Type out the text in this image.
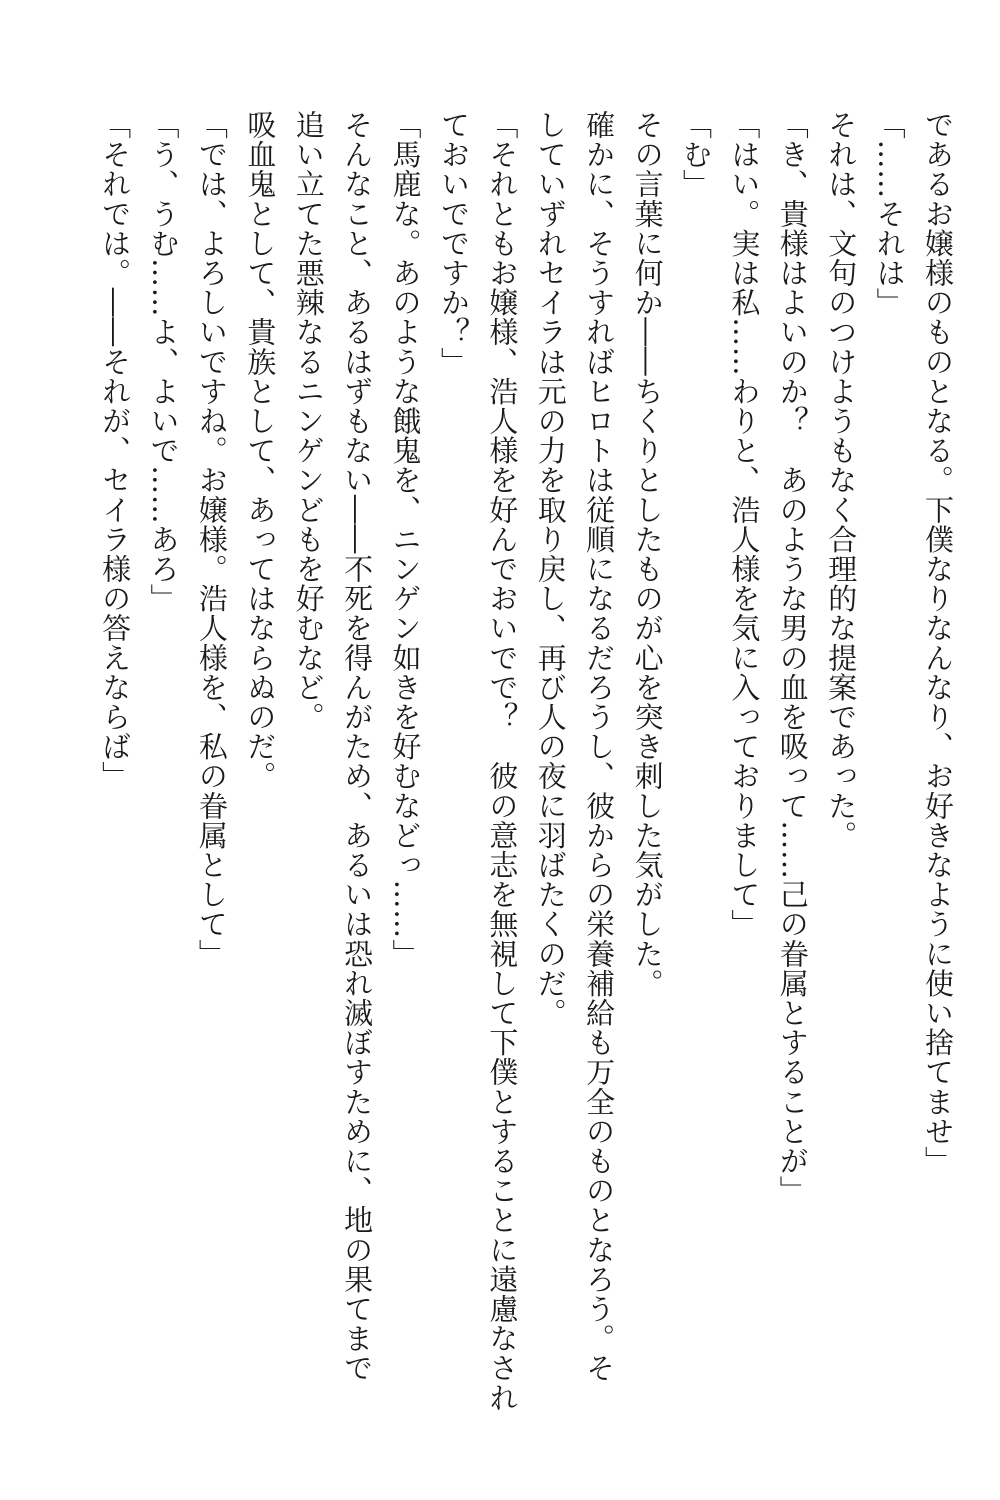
であるお嬢様のものとなる。下僕なりなんなり、お好きなように使い捨てませ」

「……それは」

それは、文句のつけようもなく合理的な提案であった。

「き、貴様はよいのか？　あのような男の血を吸って……己の眷属とすることが」

「はい。実は私……わりと、浩人様を気に入っておりまして」

「む」

その言葉に何か――ちくりとしたものが心を突き刺した気がした。

確かに、そうすればヒロトは従順になるだろうし、彼からの栄養補給も万全のものとなろう。そ

していずれセイラは元の力を取り戻し、再び人の夜に羽ばたくのだ。

「それともお嬢様、浩人様を好んでおいでで？　彼の意志を無視して下僕とすることに遠慮なされ

ておいでですか？」

「馬鹿な。あのような餓鬼を、ニンゲン如きを好むなどっ……」

そんなこと、あるはずもない――不死を得んがため、あるいは恐れ滅ぼすために、地の果てまで

追い立てた悪辣なるニンゲンどもを好むなど。

吸血鬼として、貴族として、あってはならぬのだ。

「では、よろしいですね。お嬢様。浩人様を、私の眷属として」

「う、うむ……よ、よいで……あろ」

「それでは。――それが、セイラ様の答えならば」
